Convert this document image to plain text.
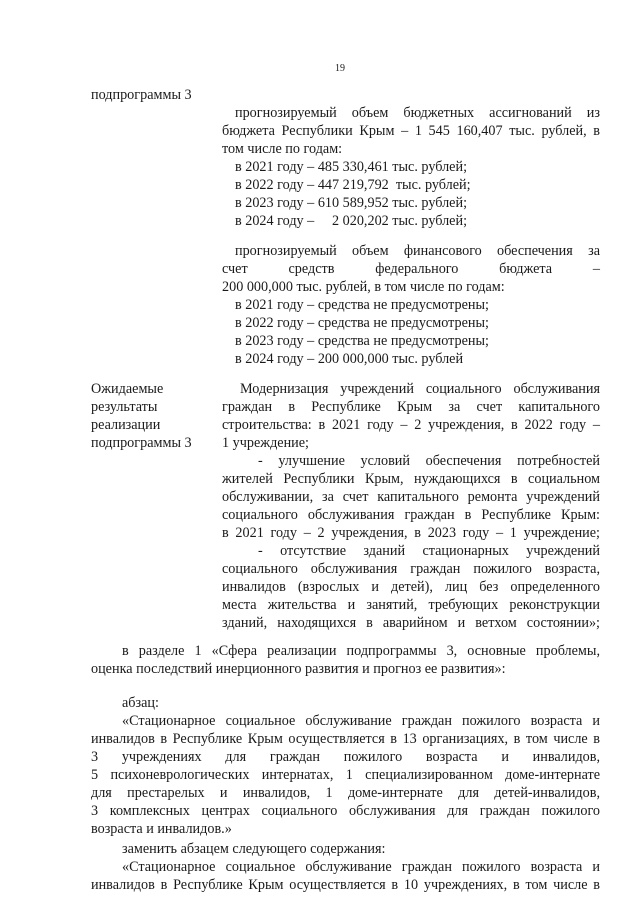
19
подпрограммы 3
прогнозируемый объем бюджетных ассигнований из
бюджета Республики Крым – 1 545 160,407 тыс. рублей, в
том числе по годам:
в 2021 году – 485 330,461 тыс. рублей;
в 2022 году – 447 219,792  тыс. рублей;
в 2023 году – 610 589,952 тыс. рублей;
в 2024 году –     2 020,202 тыс. рублей;
прогнозируемый объем финансового обеспечения за
счет средств федерального бюджета –
200 000,000 тыс. рублей, в том числе по годам:
в 2021 году – средства не предусмотрены;
в 2022 году – средства не предусмотрены;
в 2023 году – средства не предусмотрены;
в 2024 году – 200 000,000 тыс. рублей
Ожидаемые
результаты
реализации
подпрограммы 3
Модернизация учреждений социального обслуживания
граждан в Республике Крым за счет капитального
строительства: в 2021 году – 2 учреждения, в 2022 году –
1 учреждение;
- улучшение условий обеспечения потребностей
жителей Республики Крым, нуждающихся в социальном
обслуживании, за счет капитального ремонта учреждений
социального обслуживания граждан в Республике Крым:
в 2021 году – 2 учреждения, в 2023 году – 1 учреждение;
- отсутствие зданий стационарных учреждений
социального обслуживания граждан пожилого возраста,
инвалидов (взрослых и детей), лиц без определенного
места жительства и занятий, требующих реконструкции
зданий, находящихся в аварийном и ветхом состоянии»;
в разделе 1 «Сфера реализации подпрограммы 3, основные проблемы,
оценка последствий инерционного развития и прогноз ее развития»:
абзац:
«Стационарное социальное обслуживание граждан пожилого возраста и
инвалидов в Республике Крым осуществляется в 13 организациях, в том числе в
3 учреждениях для граждан пожилого возраста и инвалидов,
5 психоневрологических интернатах, 1 специализированном доме-интернате
для престарелых и инвалидов, 1 доме-интернате для детей-инвалидов,
3 комплексных центрах социального обслуживания для граждан пожилого
возраста и инвалидов.»
заменить абзацем следующего содержания:
«Стационарное социальное обслуживание граждан пожилого возраста и
инвалидов в Республике Крым осуществляется в 10 учреждениях, в том числе в
